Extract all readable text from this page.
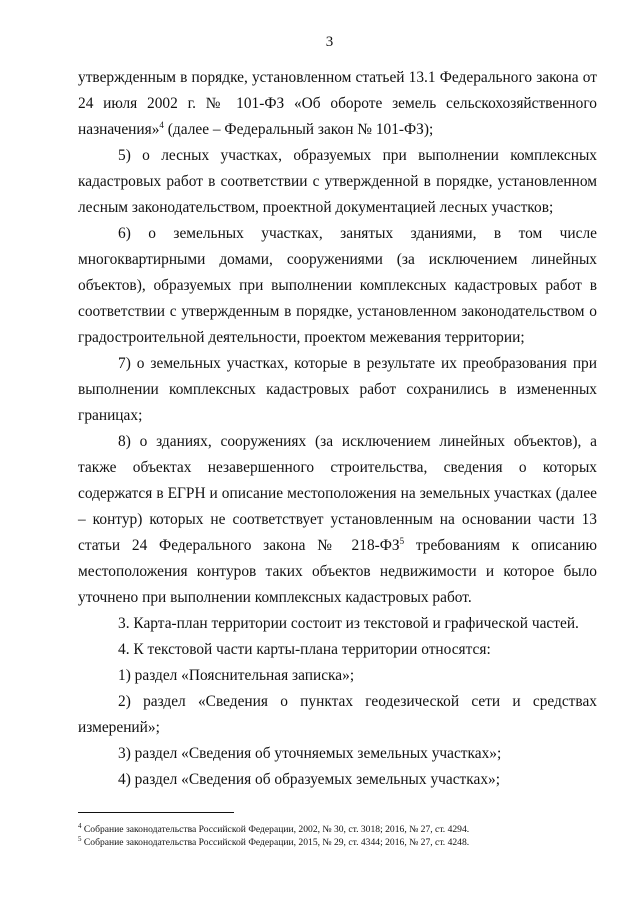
3

утвержденным в порядке, установленном статьей 13.1 Федерального закона от 24 июля 2002 г. № 101-ФЗ «Об обороте земель сельскохозяйственного назначения»$^4$ (далее – Федеральный закон № 101-ФЗ);

5) о лесных участках, образуемых при выполнении комплексных кадастровых работ в соответствии с утвержденной в порядке, установленном лесным законодательством, проектной документацией лесных участков;

6) о земельных участках, занятых зданиями, в том числе многоквартирными домами, сооружениями (за исключением линейных объектов), образуемых при выполнении комплексных кадастровых работ в соответствии с утвержденным в порядке, установленном законодательством о градостроительной деятельности, проектом межевания территории;

7) о земельных участках, которые в результате их преобразования при выполнении комплексных кадастровых работ сохранились в измененных границах;

8) о зданиях, сооружениях (за исключением линейных объектов), а также объектах незавершенного строительства, сведения о которых содержатся в ЕГРН и описание местоположения на земельных участках (далее – контур) которых не соответствует установленным на основании части 13 статьи 24 Федерального закона № $218-ФЗ^5$ требованиям к описанию местоположения контуров таких объектов недвижимости и которое было уточнено при выполнении комплексных кадастровых работ.

3. Карта-план территории состоит из текстовой и графической частей.

4. К текстовой части карты-плана территории относятся:

1) раздел «Пояснительная записка»;

2) раздел «Сведения о пунктах геодезической сети и средствах измерений»;

3) раздел «Сведения об уточняемых земельных участках»;

4) раздел «Сведения об образуемых земельных участках»;

$^4$ Собрание законодательства Российской Федерации, 2002, № 30, ст. 3018; 2016, № 27, ст. 4294.

$^5$ Собрание законодательства Российской Федерации, 2015, № 29, ст. 4344; 2016, № 27, ст. 4248.
